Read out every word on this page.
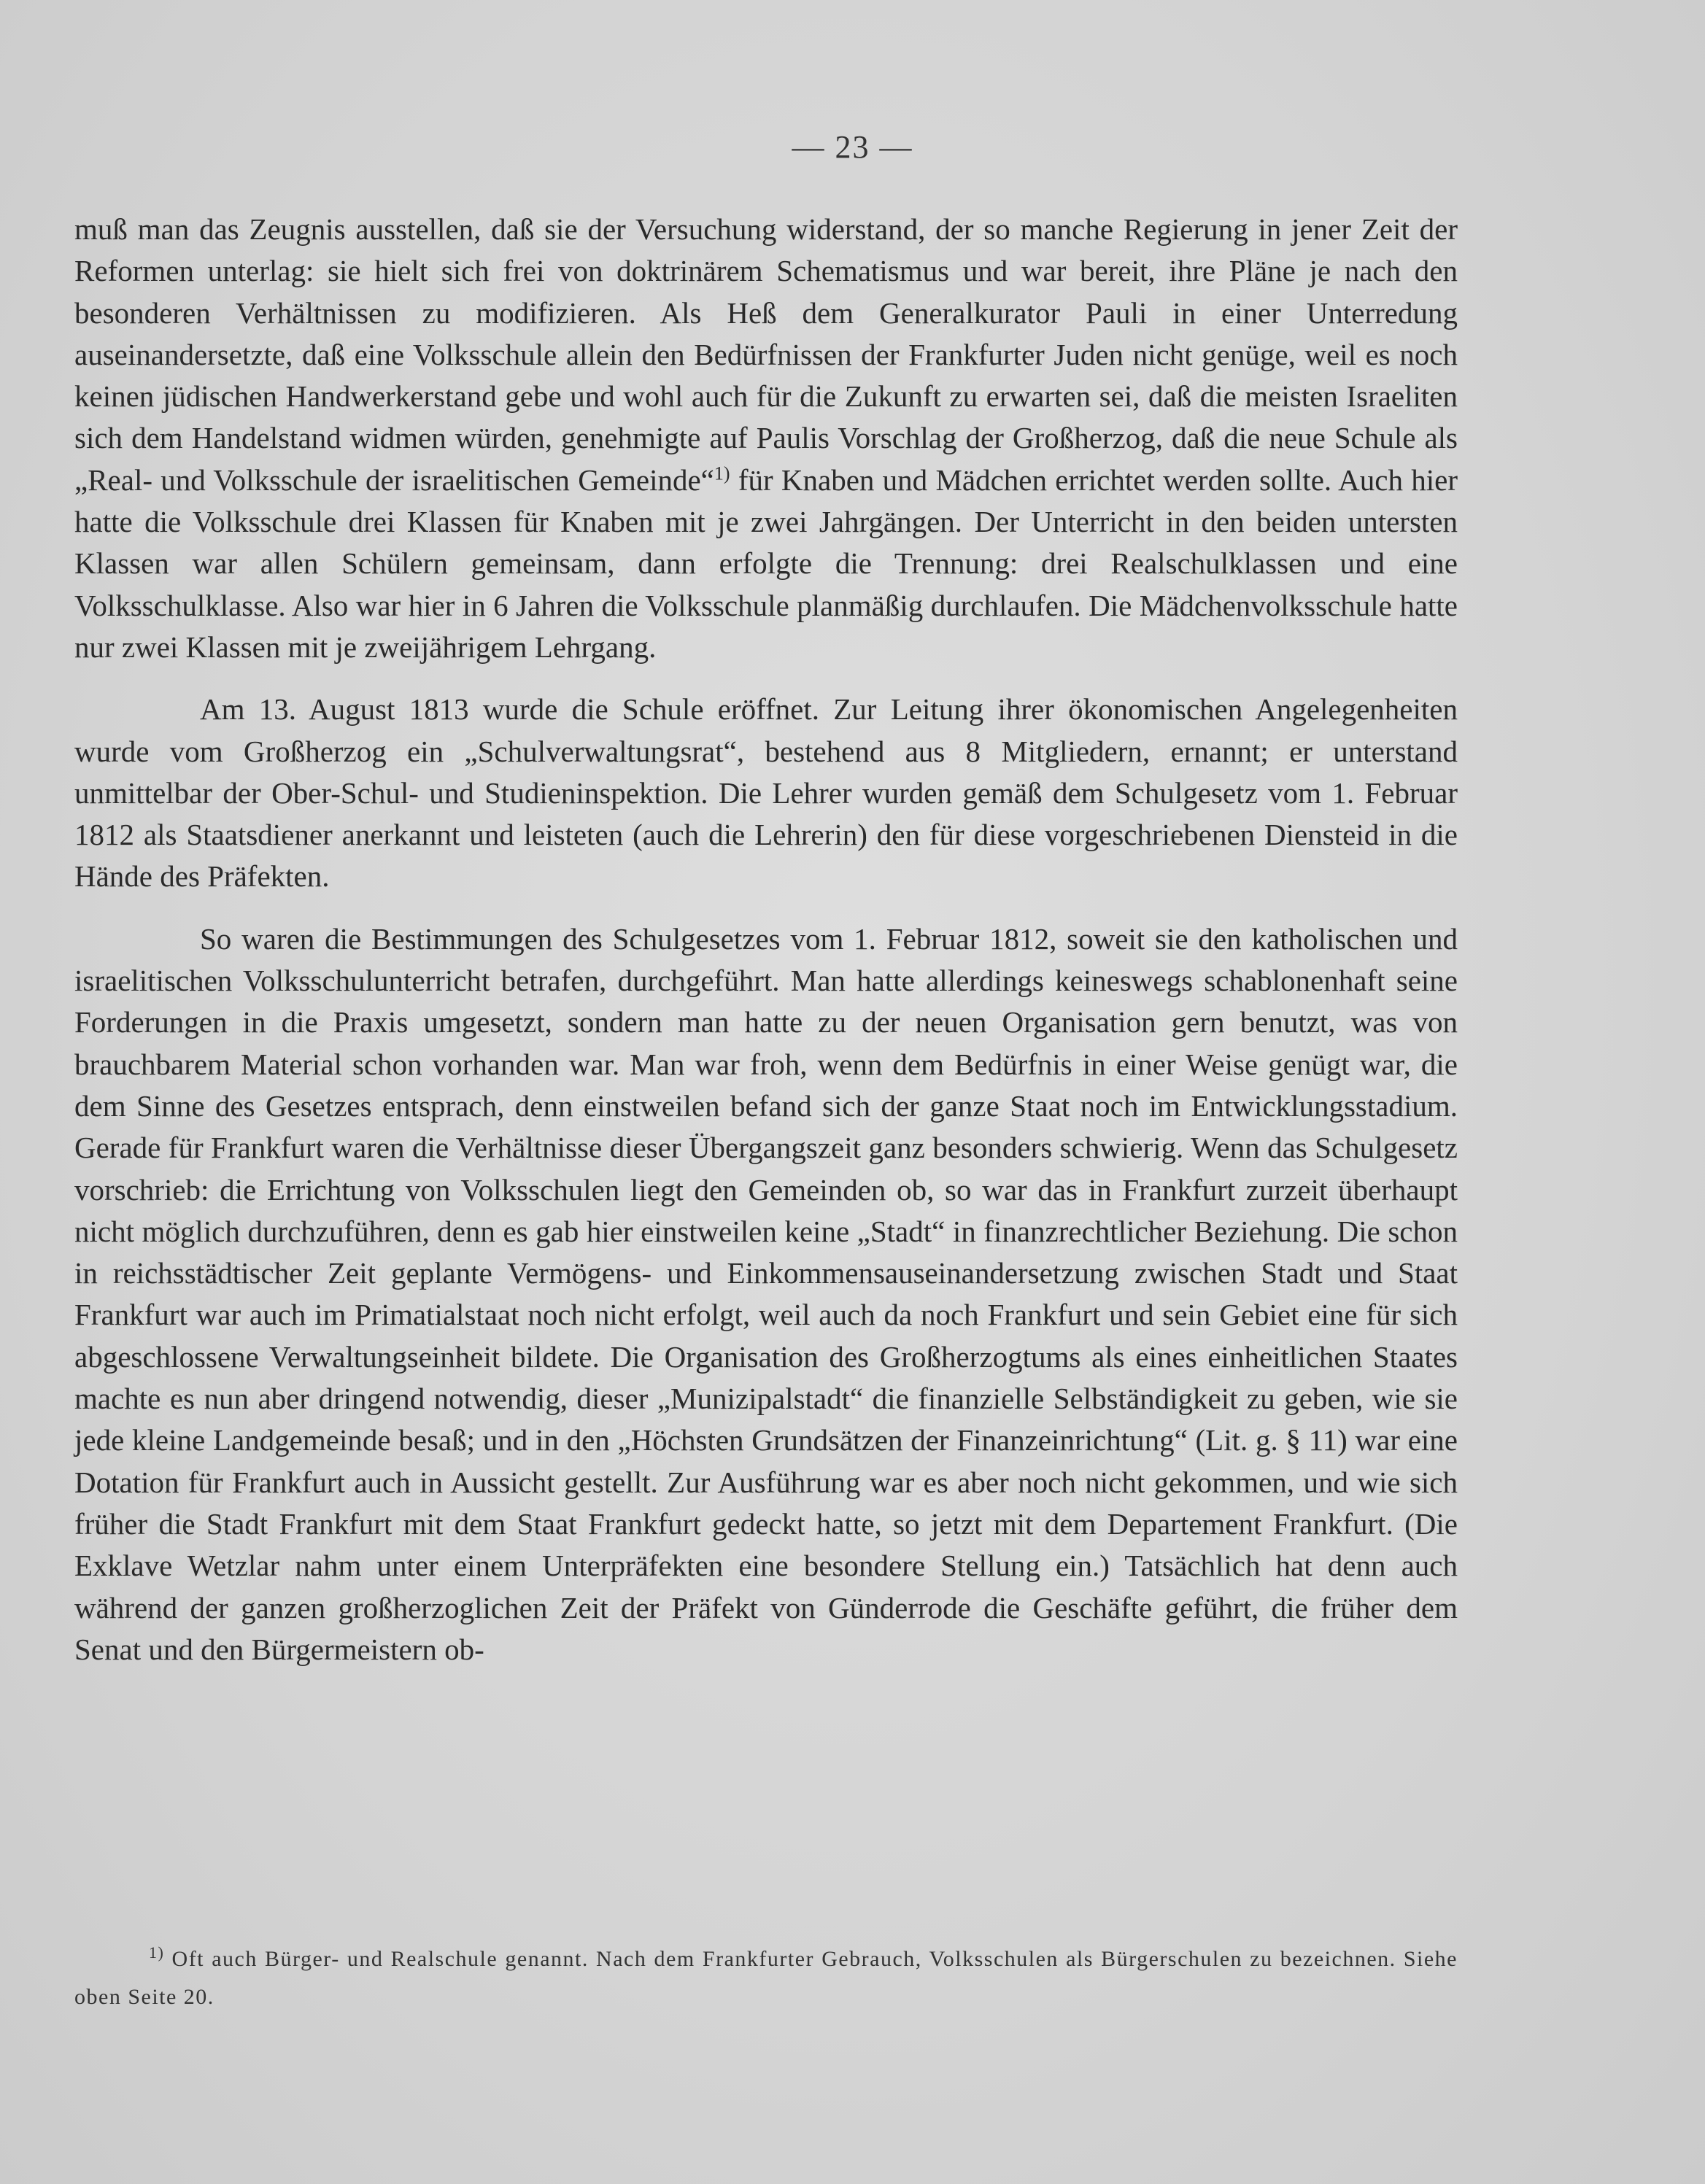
— 23 —

muß man das Zeugnis ausstellen, daß sie der Versuchung widerstand, der so manche Regierung in jener Zeit der Reformen unterlag: sie hielt sich frei von doktrinärem Schematismus und war bereit, ihre Pläne je nach den besonderen Verhältnissen zu modifizieren. Als Heß dem Generalkurator Pauli in einer Unterredung auseinandersetzte, daß eine Volksschule allein den Bedürfnissen der Frankfurter Juden nicht genüge, weil es noch keinen jüdischen Handwerkerstand gebe und wohl auch für die Zukunft zu erwarten sei, daß die meisten Israeliten sich dem Handelstand widmen würden, genehmigte auf Paulis Vorschlag der Großherzog, daß die neue Schule als „Real- und Volksschule der israelitischen Gemeinde“$^{1)}$ für Knaben und Mädchen errichtet werden sollte. Auch hier hatte die Volksschule drei Klassen für Knaben mit je zwei Jahrgängen. Der Unterricht in den beiden untersten Klassen war allen Schülern gemeinsam, dann erfolgte die Trennung: drei Realschulklassen und eine Volksschulklasse. Also war hier in 6 Jahren die Volksschule planmäßig durchlaufen. Die Mädchenvolksschule hatte nur zwei Klassen mit je zweijährigem Lehrgang.

Am 13. August 1813 wurde die Schule eröffnet. Zur Leitung ihrer ökonomischen Angelegenheiten wurde vom Großherzog ein „Schulverwaltungsrat“, bestehend aus 8 Mitgliedern, ernannt; er unterstand unmittelbar der Ober-Schul- und Studieninspektion. Die Lehrer wurden gemäß dem Schulgesetz vom 1. Februar 1812 als Staatsdiener anerkannt und leisteten (auch die Lehrerin) den für diese vorgeschriebenen Diensteid in die Hände des Präfekten.

So waren die Bestimmungen des Schulgesetzes vom 1. Februar 1812, soweit sie den katholischen und israelitischen Volksschulunterricht betrafen, durchgeführt. Man hatte allerdings keineswegs schablonenhaft seine Forderungen in die Praxis umgesetzt, sondern man hatte zu der neuen Organisation gern benutzt, was von brauchbarem Material schon vorhanden war. Man war froh, wenn dem Bedürfnis in einer Weise genügt war, die dem Sinne des Gesetzes entsprach, denn einstweilen befand sich der ganze Staat noch im Entwicklungsstadium. Gerade für Frankfurt waren die Verhältnisse dieser Übergangszeit ganz besonders schwierig. Wenn das Schulgesetz vorschrieb: die Errichtung von Volksschulen liegt den Gemeinden ob, so war das in Frankfurt zurzeit überhaupt nicht möglich durchzuführen, denn es gab hier einstweilen keine „Stadt“ in finanzrechtlicher Beziehung. Die schon in reichsstädtischer Zeit geplante Vermögens- und Einkommensauseinandersetzung zwischen Stadt und Staat Frankfurt war auch im Primatialstaat noch nicht erfolgt, weil auch da noch Frankfurt und sein Gebiet eine für sich abgeschlossene Verwaltungseinheit bildete. Die Organisation des Großherzogtums als eines einheitlichen Staates machte es nun aber dringend notwendig, dieser „Munizipalstadt“ die finanzielle Selbständigkeit zu geben, wie sie jede kleine Landgemeinde besaß; und in den „Höchsten Grundsätzen der Finanzeinrichtung“ (Lit. g. § 11) war eine Dotation für Frankfurt auch in Aussicht gestellt. Zur Ausführung war es aber noch nicht gekommen, und wie sich früher die Stadt Frankfurt mit dem Staat Frankfurt gedeckt hatte, so jetzt mit dem Departement Frankfurt. (Die Exklave Wetzlar nahm unter einem Unterpräfekten eine besondere Stellung ein.) Tatsächlich hat denn auch während der ganzen großherzoglichen Zeit der Präfekt von Günderrode die Geschäfte geführt, die früher dem Senat und den Bürgermeistern ob-

$^{1)}$ Oft auch Bürger- und Realschule genannt. Nach dem Frankfurter Gebrauch, Volksschulen als Bürgerschulen zu bezeichnen. Siehe oben Seite 20.
